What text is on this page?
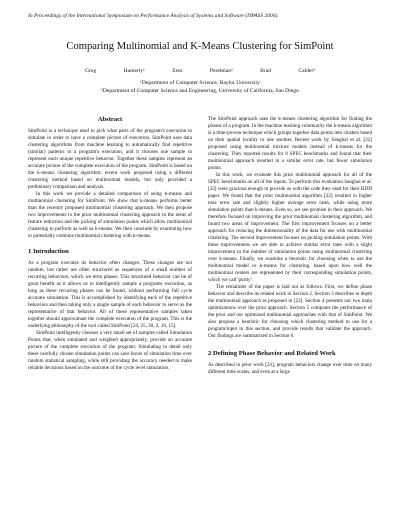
In Proceedings of the International Symposium on Performance Analysis of Systems and Software (ISPASS 2006).
Comparing Multinomial and K-Means Clustering for SimPoint
Greg Hamerly¹ Erez Perelman² Brad Calder²
¹Department of Computer Science, Baylor University
²Department of Computer Science and Engineering, University of California, San Diego
Abstract

SimPoint is a technique used to pick what parts of the program's execution to simulate in order to have a complete picture of execution. SimPoint uses data clustering algorithms from machine learning to automatically find repetitive (similar) patterns in a program's execution, and it chooses one sample to represent each unique repetitive behavior. Together these samples represent an accurate picture of the complete execution of the program. SimPoint is based on the k-means clustering algorithm; recent work proposed using a different clustering method based on multinomial models, but only provided a preliminary comparison and analysis.

In this work we provide a detailed comparison of using k-means and multinomial clustering for SimPoint. We show that k-means performs better than the recently proposed multinomial clustering approach. We then propose two improvements to the prior multinomial clustering approach in the areas of feature reduction and the picking of simulation points which allow multinomial clustering to perform as well as k-means. We then conclude by examining how to potentially combine multinomial clustering with k-means.

1 Introduction

As a program executes its behavior often changes. These changes are not random, but rather are often structured as sequences of a small number of recurring behaviors, which we term phases. This structured behavior can be of great benefit as it allows us to intelligently sample a programs execution, as long as these recurring phases can be found, without performing full cycle accurate simulation. This is accomplished by identifying each of the repetitive behaviors and then taking only a single sample of each behavior to serve as the representative of that behavior. All of these representative samples taken together should approximate the complete execution of the program. This is the underlying philosophy of the tool called SimPoint [24, 25, 20, 2, 16, 15].

SimPoint intelligently chooses a very small set of samples called Simulation Points that, when simulated and weighted appropriately, provide an accurate picture of the complete execution of the program. Simulating in detail only these carefully chosen simulation points can save hours of simulation time over random statistical sampling, while still providing the accuracy needed to make reliable decisions based on the outcome of the cycle level simulation.

The SimPoint approach uses the k-means clustering algorithm for finding the phases of a program. In the machine learning community the k-means algorithm is a time-proven technique which groups together data points into clusters based on their spatial locality to one another. Recent work by Sanghai et al. [22] proposed using multinomial mixture models instead of k-means for the clustering. They reported results for 8 SPEC benchmarks and found that their multinomial approach resulted in a similar error rate, but fewer simulation points.

In this work, we evaluate this prior multinomial approach for all of the SPEC benchmarks on all of the inputs. To perform this evaluation Sanghai et al. [22] were gracious enough to provide us with the code they used for their KDD paper. We found that the prior multinomial algorithm [22] resulted in higher max error rate and slightly higher average error rates, while using more simulation points than k-means. Even so, we see promise in their approach. We therefore focused on improving the prior multinomial clustering algorithm, and found two areas of improvement. The first improvement focuses on a better approach for reducing the dimensionality of the data for use with multinomial clustering. The second improvement focuses on picking simulation points. With these improvements we are able to achieve similar error rates with a slight improvement in the number of simulation points using multinomial clustering over k-means. Finally, we examine a heuristic for choosing when to use the multinomial model or k-means for clustering, based upon how well the multinomial centers are represented by their corresponding simulation points, which we call 'purity'.

The remainder of the paper is laid out as follows. First, we define phase behavior and describe its related work in Section 2. Section 3 describes in depth the multinomial approach as proposed in [22]. Section 4 presents our two main optimizations over the prior approach. Section 5 compares the performance of the prior and our optimized multinomial approaches with that of SimPoint. We also propose a heuristic for choosing which clustering method to use for a program/input in this section, and provide results that validate the approach. Our findings are summarized in Section 6.

2 Defining Phase Behavior and Related Work

As described in prior work [23], program behaviors change over time on many different time scales, and even at a large
